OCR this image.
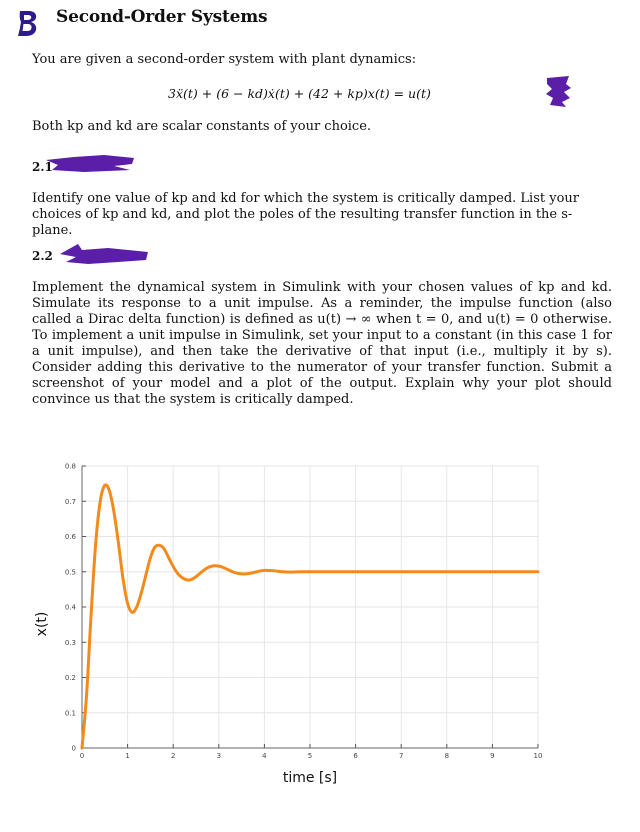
Second-Order Systems
You are given a second-order system with plant dynamics:
3ẍ(t) + (6 − kd)ẋ(t) + (42 + kp)x(t) = u(t)
Both kp and kd are scalar constants of your choice.
2.1
Identify one value of kp and kd for which the system is critically damped. List your choices of kp and kd, and plot the poles of the resulting transfer function in the s-plane.
2.2
Implement the dynamical system in Simulink with your chosen values of kp and kd. Simulate its response to a unit impulse. As a reminder, the impulse function (also called a Dirac delta function) is defined as u(t) → ∞ when t = 0, and u(t) = 0 otherwise. To implement a unit impulse in Simulink, set your input to a constant (in this case 1 for a unit impulse), and then take the derivative of that input (i.e., multiply it by s). Consider adding this derivative to the numerator of your transfer function. Submit a screenshot of your model and a plot of the output. Explain why your plot should convince us that the system is critically damped.
0	1	2	3	4	5	6	7	8	9	10
0
0.1
0.2
0.3
0.4
0.5
0.6
0.7
0.8
time [s]
x(t)
